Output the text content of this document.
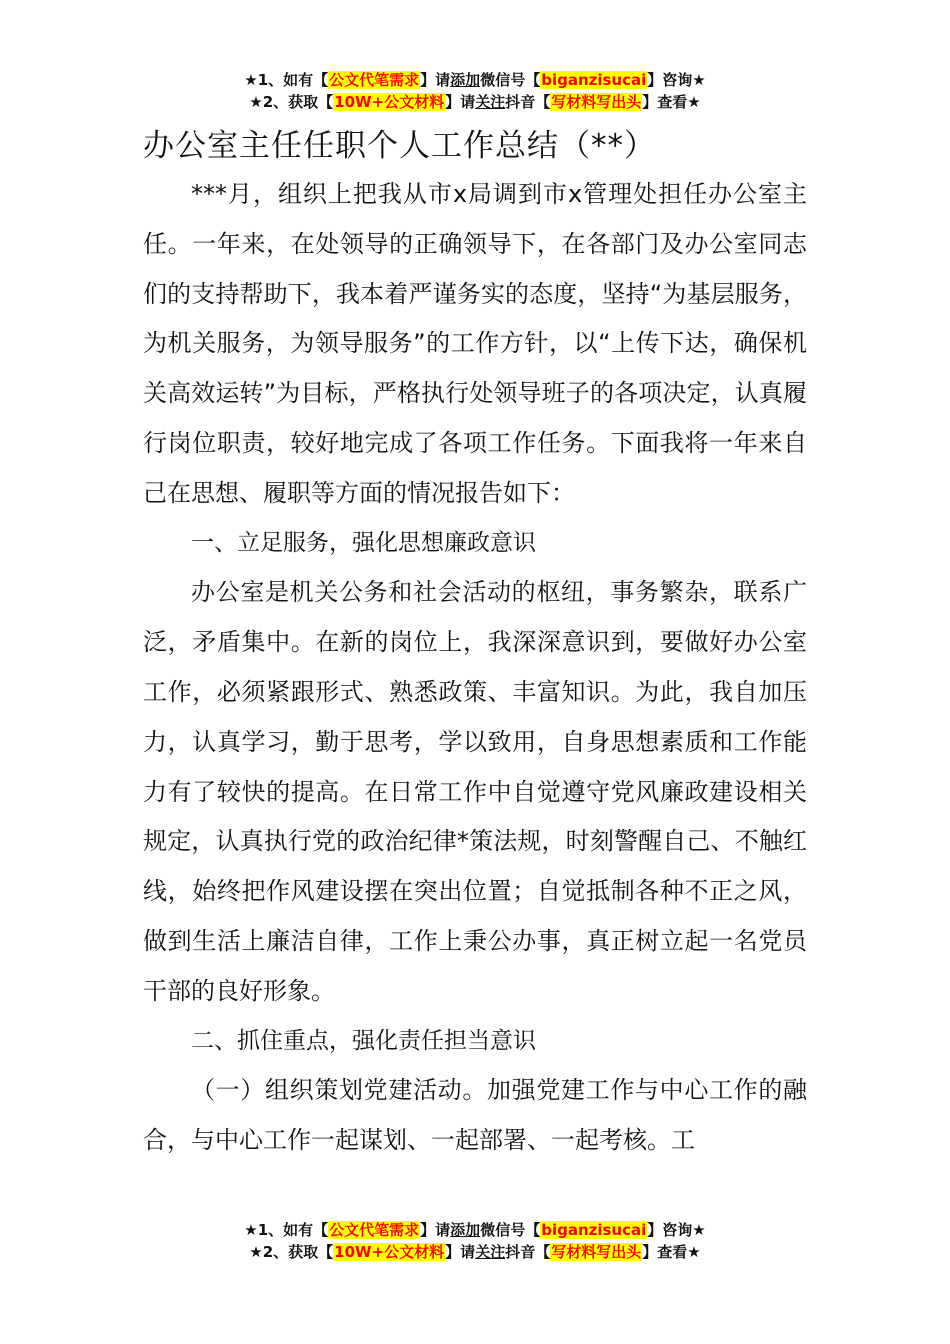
★1、如有【公文代笔需求】请添加微信号【biganzisucai】咨询★
★2、获取【10W+公文材料】请关注抖音【写材料写出头】查看★
办公室主任任职个人工作总结（**）

***月，组织上把我从市x局调到市x管理处担任办公室主任。一年来，在处领导的正确领导下，在各部门及办公室同志们的支持帮助下，我本着严谨务实的态度，坚持“为基层服务，为机关服务，为领导服务”的工作方针，以“上传下达，确保机关高效运转”为目标，严格执行处领导班子的各项决定，认真履行岗位职责，较好地完成了各项工作任务。下面我将一年来自己在思想、履职等方面的情况报告如下：

一、立足服务，强化思想廉政意识

办公室是机关公务和社会活动的枢纽，事务繁杂，联系广泛，矛盾集中。在新的岗位上，我深深意识到，要做好办公室工作，必须紧跟形式、熟悉政策、丰富知识。为此，我自加压力，认真学习，勤于思考，学以致用，自身思想素质和工作能力有了较快的提高。在日常工作中自觉遵守党风廉政建设相关规定，认真执行党的政治纪律*策法规，时刻警醒自己、不触红线，始终把作风建设摆在突出位置；自觉抵制各种不正之风，做到生活上廉洁自律，工作上秉公办事，真正树立起一名党员干部的良好形象。

二、抓住重点，强化责任担当意识

（一）组织策划党建活动。加强党建工作与中心工作的融合，与中心工作一起谋划、一起部署、一起考核。工

★1、如有【公文代笔需求】请添加微信号【biganzisucai】咨询★
★2、获取【10W+公文材料】请关注抖音【写材料写出头】查看★
